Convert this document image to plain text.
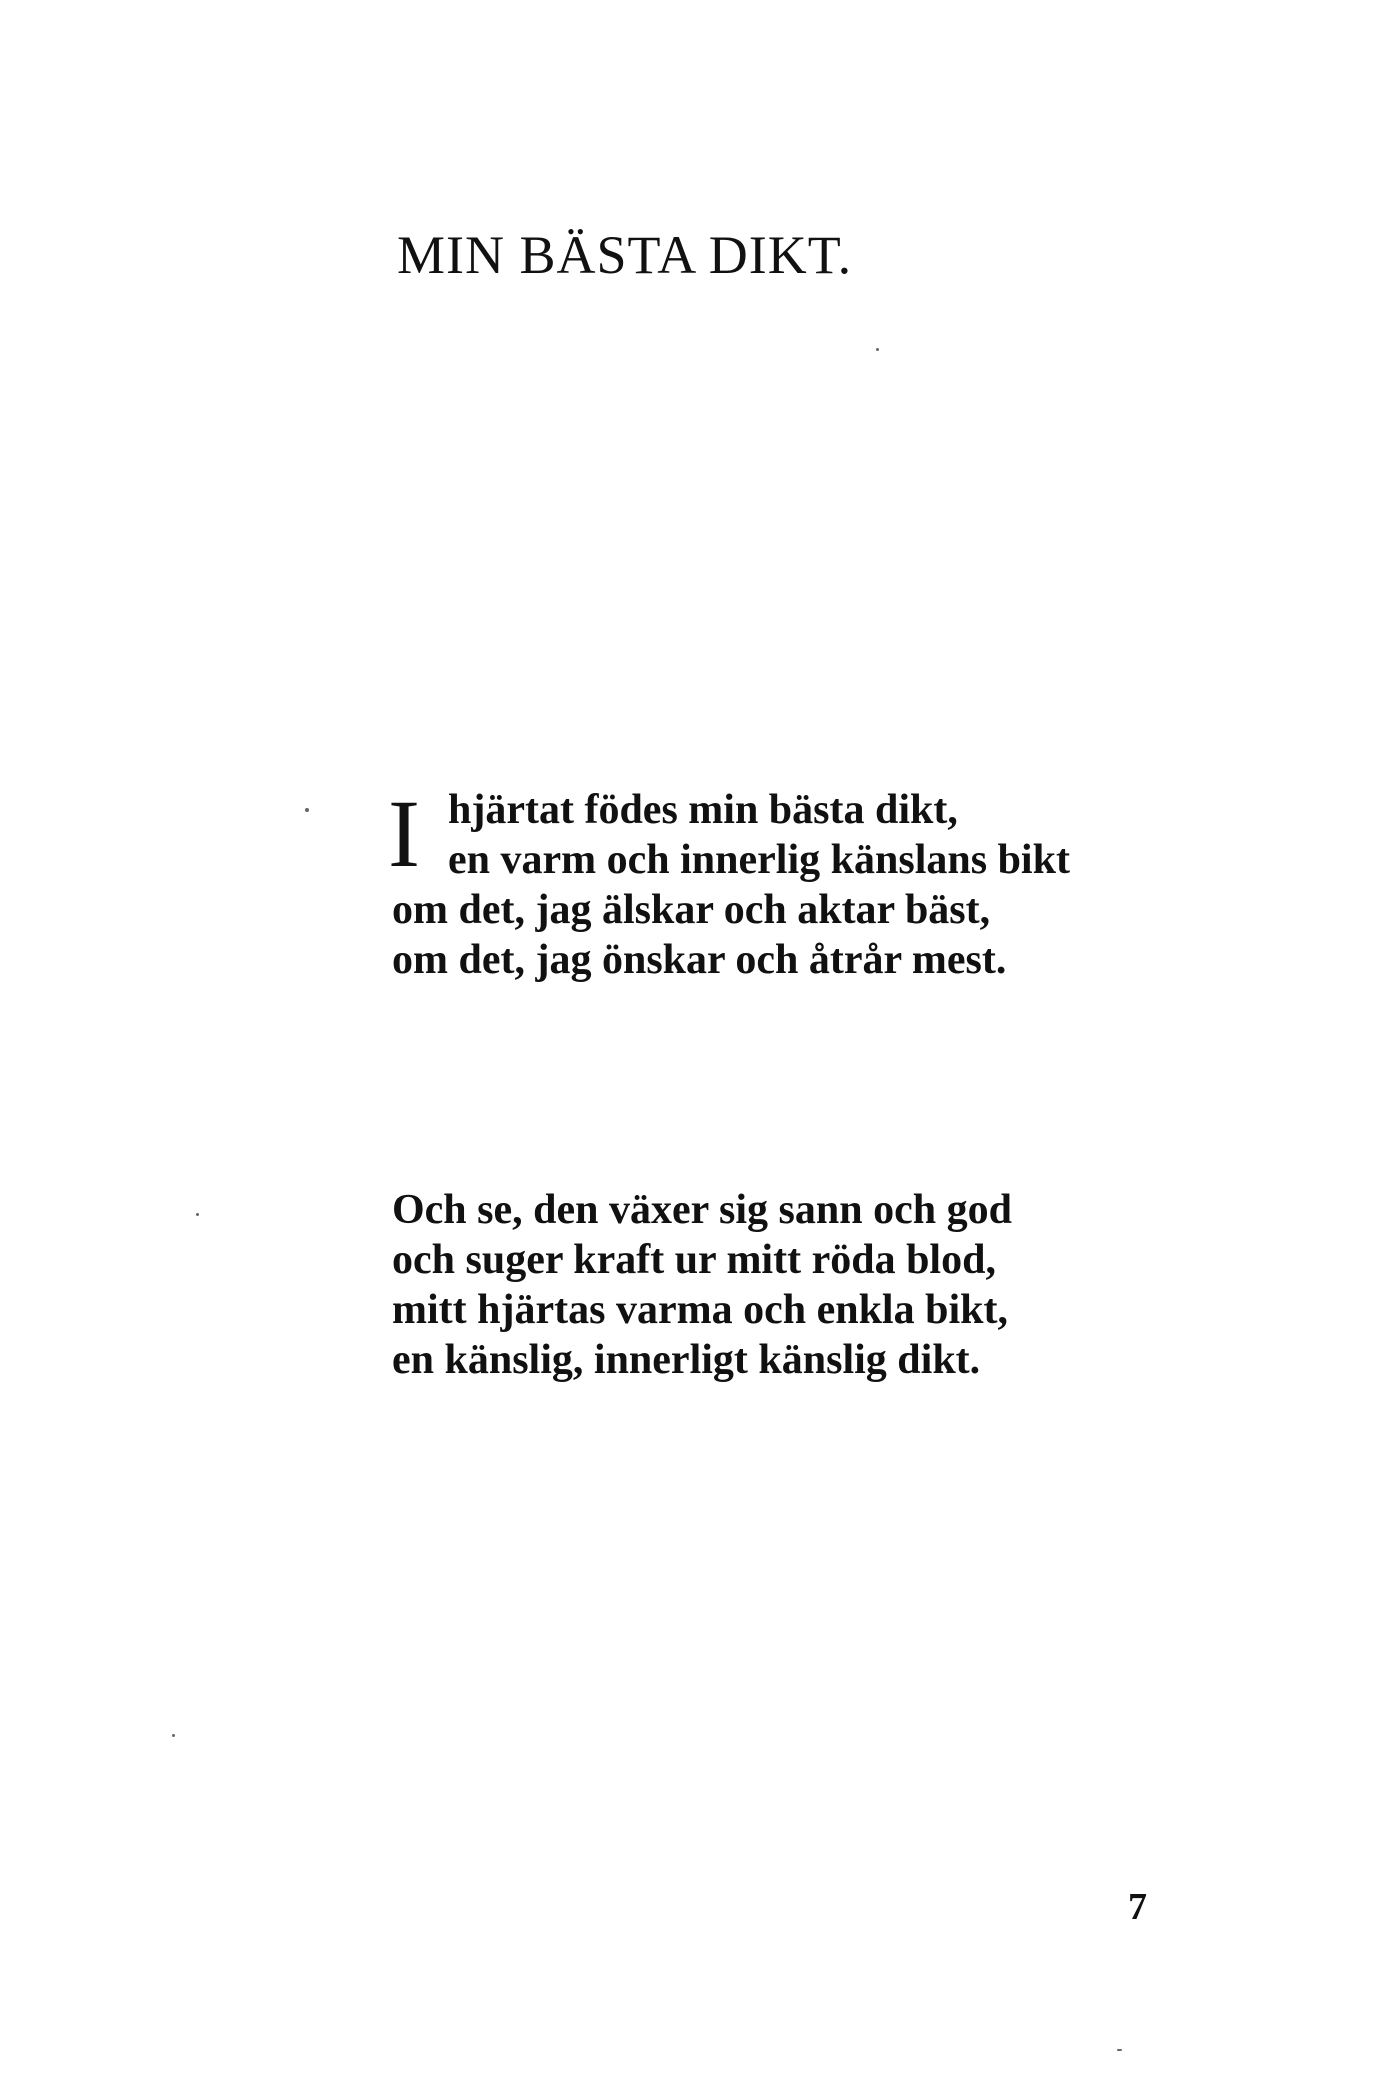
MIN BÄSTA DIKT.
I hjärtat födes min bästa dikt,
en varm och innerlig känslans bikt
om det, jag älskar och aktar bäst,
om det, jag önskar och åtrår mest.
Och se, den växer sig sann och god
och suger kraft ur mitt röda blod,
mitt hjärtas varma och enkla bikt,
en känslig, innerligt känslig dikt.
7
